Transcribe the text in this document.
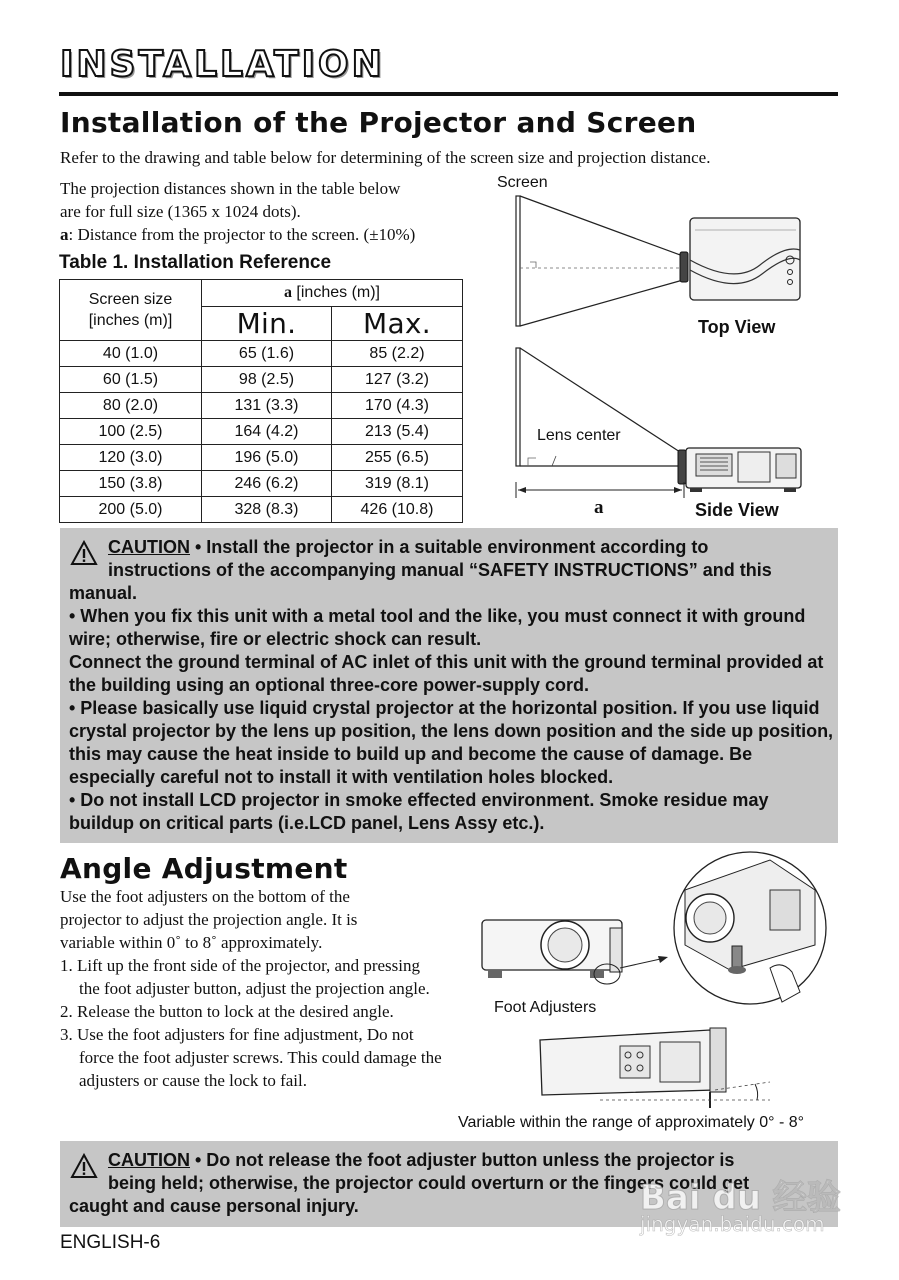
INSTALLATION
Installation of the Projector and Screen
Refer to the drawing and table below for determining of the screen size and projection distance.
The projection distances shown in the table below
are for full size (1365 x 1024 dots).
a: Distance from the projector to the screen. (±10%)
Table 1. Installation Reference
Screen size
[inches (m)]	a [inches (m)]	
	Min.	Max.
40 (1.0)	65 (1.6)	85 (2.2)
60 (1.5)	98 (2.5)	127 (3.2)
80 (2.0)	131 (3.3)	170 (4.3)
100 (2.5)	164 (4.2)	213 (5.4)
120 (3.0)	196 (5.0)	255 (6.5)
150 (3.8)	246 (6.2)	319 (8.1)
200 (5.0)	328 (8.3)	426 (10.8)
Screen
Top View
Lens center
a	Side View

CAUTION • Install the projector in a suitable environment according to

instructions of the accompanying manual “SAFETY INSTRUCTIONS” and this

manual.

• When you fix this unit with a metal tool and the like, you must connect it with ground wire; otherwise, fire or electric shock can result.

Connect the ground terminal of AC inlet of this unit with the ground terminal provided at the building using an optional three-core power-supply cord.

• Please basically use liquid crystal projector at the horizontal position. If you use liquid crystal projector by the lens up position, the lens down position and the side up position, this may cause the heat inside to build up and become the cause of damage. Be especially careful not to install it with ventilation holes blocked.

• Do not install LCD projector in smoke effected environment. Smoke residue may buildup on critical parts (i.e.LCD panel, Lens Assy etc.).

Angle Adjustment
Use the foot adjusters on the bottom of the projector to adjust the projection angle. It is variable within 0˚ to 8˚ approximately.
1. Lift up the front side of the projector, and pressing the foot adjuster button, adjust the projection angle.
2. Release the button to lock at the desired angle.
3. Use the foot adjusters for fine adjustment, Do not force the foot adjuster screws. This could damage the adjusters or cause the lock to fail.
Foot Adjusters
Variable within the range of approximately 0° - 8°

CAUTION • Do not release the foot adjuster button unless the projector is

being held; otherwise, the projector could overturn or the fingers could get

caught and cause personal injury.

ENGLISH-6
Bai du 经验
jingyan.baidu.com
